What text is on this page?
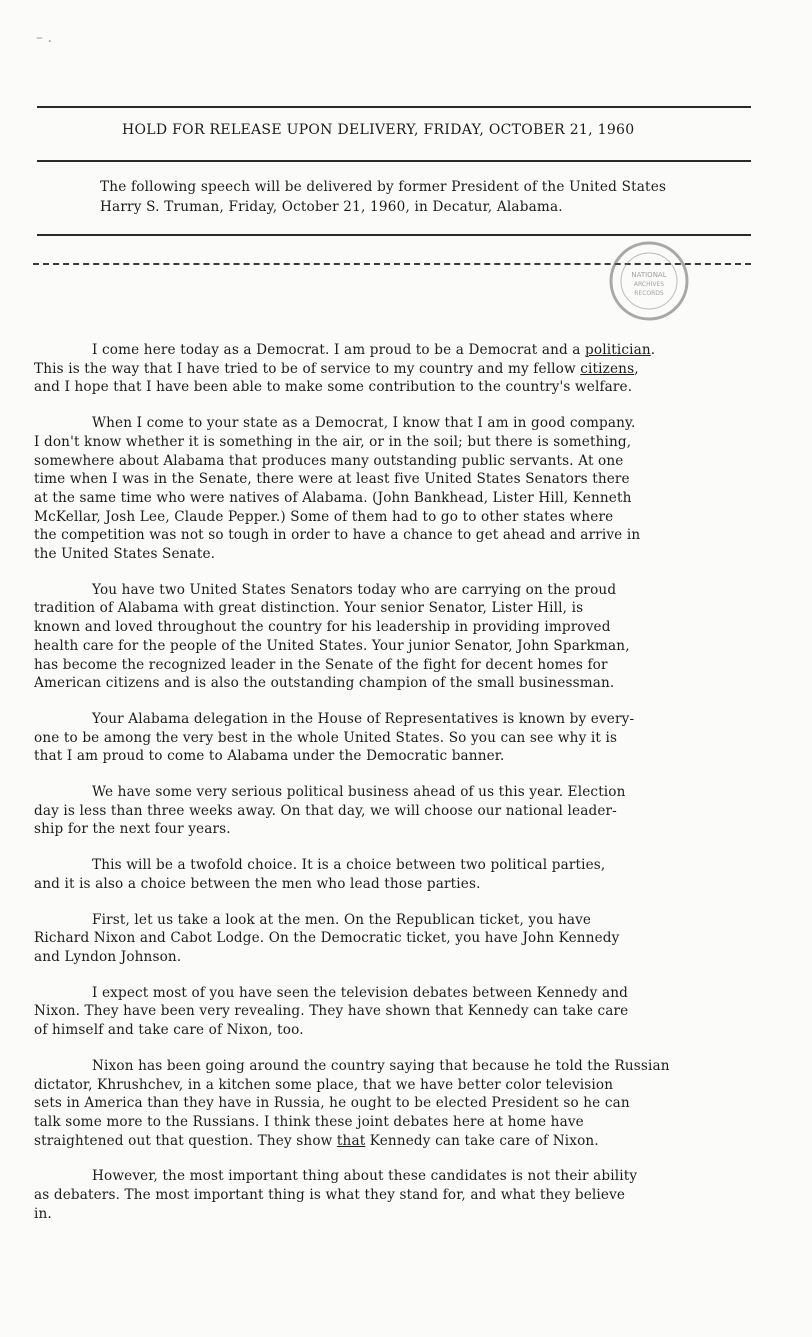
– .
HOLD FOR RELEASE UPON DELIVERY, FRIDAY, OCTOBER 21, 1960
The following speech will be delivered by former President of the United States
Harry S. Truman, Friday, October 21, 1960, in Decatur, Alabama.
NATIONAL
ARCHIVES
RECORDS

I come here today as a Democrat. I am proud to be a Democrat and a politician.
This is the way that I have tried to be of service to my country and my fellow citizens,
and I hope that I have been able to make some contribution to the country's welfare.

When I come to your state as a Democrat, I know that I am in good company.
I don't know whether it is something in the air, or in the soil; but there is something,
somewhere about Alabama that produces many outstanding public servants. At one
time when I was in the Senate, there were at least five United States Senators there
at the same time who were natives of Alabama. (John Bankhead, Lister Hill, Kenneth
McKellar, Josh Lee, Claude Pepper.) Some of them had to go to other states where
the competition was not so tough in order to have a chance to get ahead and arrive in
the United States Senate.

You have two United States Senators today who are carrying on the proud
tradition of Alabama with great distinction. Your senior Senator, Lister Hill, is
known and loved throughout the country for his leadership in providing improved
health care for the people of the United States. Your junior Senator, John Sparkman,
has become the recognized leader in the Senate of the fight for decent homes for
American citizens and is also the outstanding champion of the small businessman.

Your Alabama delegation in the House of Representatives is known by every-
one to be among the very best in the whole United States. So you can see why it is
that I am proud to come to Alabama under the Democratic banner.

We have some very serious political business ahead of us this year. Election
day is less than three weeks away. On that day, we will choose our national leader-
ship for the next four years.

This will be a twofold choice. It is a choice between two political parties,
and it is also a choice between the men who lead those parties.

First, let us take a look at the men. On the Republican ticket, you have
Richard Nixon and Cabot Lodge. On the Democratic ticket, you have John Kennedy
and Lyndon Johnson.

I expect most of you have seen the television debates between Kennedy and
Nixon. They have been very revealing. They have shown that Kennedy can take care
of himself and take care of Nixon, too.

Nixon has been going around the country saying that because he told the Russian
dictator, Khrushchev, in a kitchen some place, that we have better color television
sets in America than they have in Russia, he ought to be elected President so he can
talk some more to the Russians. I think these joint debates here at home have
straightened out that question. They show that Kennedy can take care of Nixon.

However, the most important thing about these candidates is not their ability
as debaters. The most important thing is what they stand for, and what they believe
in.
